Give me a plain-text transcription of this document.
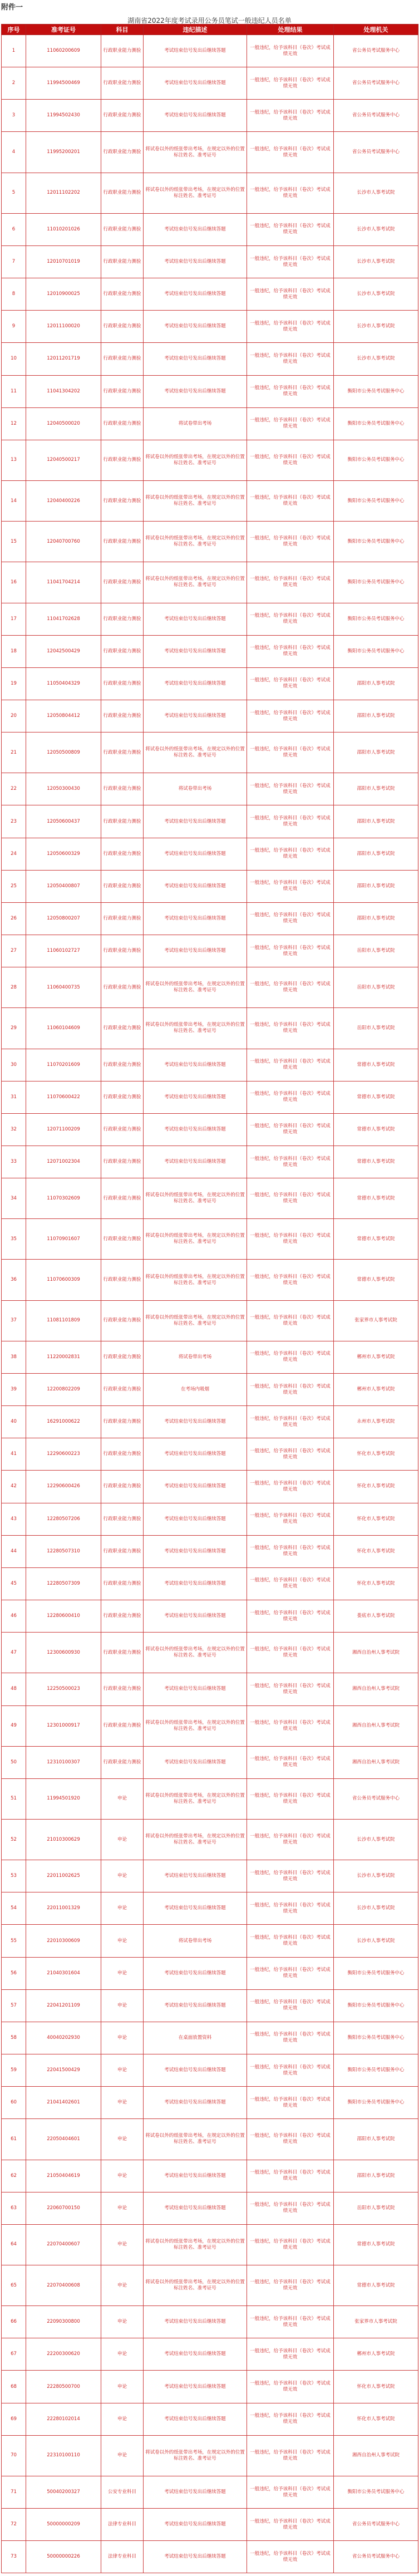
附件一
湖南省2022年度考试录用公务员笔试一般违纪人员名单
序号	准考证号	科目	违纪描述	处理结果	处理机关
1	11060200609	行政职业能力测验	考试结束信号发出后继续答题	一般违纪，给予该科目（卷次）考试成绩无效	省公务员考试服务中心
2	11994500469	行政职业能力测验	考试结束信号发出后继续答题	一般违纪，给予该科目（卷次）考试成绩无效	省公务员考试服务中心
3	11994502430	行政职业能力测验	考试结束信号发出后继续答题	一般违纪，给予该科目（卷次）考试成绩无效	省公务员考试服务中心
4	11995200201	行政职业能力测验	将试卷以外的纸张带出考场，在规定以外的位置标注姓名、准考证号	一般违纪，给予该科目（卷次）考试成绩无效	省公务员考试服务中心
5	12011102202	行政职业能力测验	将试卷以外的纸张带出考场，在规定以外的位置标注姓名、准考证号	一般违纪，给予该科目（卷次）考试成绩无效	长沙市人事考试院
6	11010201026	行政职业能力测验	考试结束信号发出后继续答题	一般违纪，给予该科目（卷次）考试成绩无效	长沙市人事考试院
7	12010701019	行政职业能力测验	考试结束信号发出后继续答题	一般违纪，给予该科目（卷次）考试成绩无效	长沙市人事考试院
8	12010900025	行政职业能力测验	考试结束信号发出后继续答题	一般违纪，给予该科目（卷次）考试成绩无效	长沙市人事考试院
9	12011100020	行政职业能力测验	考试结束信号发出后继续答题	一般违纪，给予该科目（卷次）考试成绩无效	长沙市人事考试院
10	12011201719	行政职业能力测验	考试结束信号发出后继续答题	一般违纪，给予该科目（卷次）考试成绩无效	长沙市人事考试院
11	11041304202	行政职业能力测验	考试结束信号发出后继续答题	一般违纪，给予该科目（卷次）考试成绩无效	衡阳市公务员考试服务中心
12	12040500020	行政职业能力测验	将试卷带出考场	一般违纪，给予该科目（卷次）考试成绩无效	衡阳市公务员考试服务中心
13	12040500217	行政职业能力测验	将试卷以外的纸张带出考场，在规定以外的位置标注姓名、准考证号	一般违纪，给予该科目（卷次）考试成绩无效	衡阳市公务员考试服务中心
14	12040400226	行政职业能力测验	将试卷以外的纸张带出考场，在规定以外的位置标注姓名、准考证号	一般违纪，给予该科目（卷次）考试成绩无效	衡阳市公务员考试服务中心
15	12040700760	行政职业能力测验	将试卷以外的纸张带出考场，在规定以外的位置标注姓名、准考证号	一般违纪，给予该科目（卷次）考试成绩无效	衡阳市公务员考试服务中心
16	11041704214	行政职业能力测验	将试卷以外的纸张带出考场，在规定以外的位置标注姓名、准考证号	一般违纪，给予该科目（卷次）考试成绩无效	衡阳市公务员考试服务中心
17	11041702628	行政职业能力测验	考试结束信号发出后继续答题	一般违纪，给予该科目（卷次）考试成绩无效	衡阳市公务员考试服务中心
18	12042500429	行政职业能力测验	考试结束信号发出后继续答题	一般违纪，给予该科目（卷次）考试成绩无效	衡阳市公务员考试服务中心
19	11050404329	行政职业能力测验	考试结束信号发出后继续答题	一般违纪，给予该科目（卷次）考试成绩无效	邵阳市人事考试院
20	12050804412	行政职业能力测验	考试结束信号发出后继续答题	一般违纪，给予该科目（卷次）考试成绩无效	邵阳市人事考试院
21	12050500809	行政职业能力测验	将试卷以外的纸张带出考场，在规定以外的位置标注姓名、准考证号	一般违纪，给予该科目（卷次）考试成绩无效	邵阳市人事考试院
22	12050300430	行政职业能力测验	将试卷带出考场	一般违纪，给予该科目（卷次）考试成绩无效	邵阳市人事考试院
23	12050600437	行政职业能力测验	考试结束信号发出后继续答题	一般违纪，给予该科目（卷次）考试成绩无效	邵阳市人事考试院
24	12050600329	行政职业能力测验	考试结束信号发出后继续答题	一般违纪，给予该科目（卷次）考试成绩无效	邵阳市人事考试院
25	12050400807	行政职业能力测验	考试结束信号发出后继续答题	一般违纪，给予该科目（卷次）考试成绩无效	邵阳市人事考试院
26	12050800207	行政职业能力测验	考试结束信号发出后继续答题	一般违纪，给予该科目（卷次）考试成绩无效	邵阳市人事考试院
27	11060102727	行政职业能力测验	考试结束信号发出后继续答题	一般违纪，给予该科目（卷次）考试成绩无效	岳阳市人事考试院
28	11060400735	行政职业能力测验	将试卷以外的纸张带出考场，在规定以外的位置标注姓名、准考证号	一般违纪，给予该科目（卷次）考试成绩无效	岳阳市人事考试院
29	11060104609	行政职业能力测验	将试卷以外的纸张带出考场，在规定以外的位置标注姓名、准考证号	一般违纪，给予该科目（卷次）考试成绩无效	岳阳市人事考试院
30	11070201609	行政职业能力测验	考试结束信号发出后继续答题	一般违纪，给予该科目（卷次）考试成绩无效	常德市人事考试院
31	11070600422	行政职业能力测验	考试结束信号发出后继续答题	一般违纪，给予该科目（卷次）考试成绩无效	常德市人事考试院
32	12071100209	行政职业能力测验	考试结束信号发出后继续答题	一般违纪，给予该科目（卷次）考试成绩无效	常德市人事考试院
33	12071002304	行政职业能力测验	考试结束信号发出后继续答题	一般违纪，给予该科目（卷次）考试成绩无效	常德市人事考试院
34	11070302609	行政职业能力测验	将试卷以外的纸张带出考场，在规定以外的位置标注姓名、准考证号	一般违纪，给予该科目（卷次）考试成绩无效	常德市人事考试院
35	11070901607	行政职业能力测验	将试卷以外的纸张带出考场，在规定以外的位置标注姓名、准考证号	一般违纪，给予该科目（卷次）考试成绩无效	常德市人事考试院
36	11070600309	行政职业能力测验	将试卷以外的纸张带出考场，在规定以外的位置标注姓名、准考证号	一般违纪，给予该科目（卷次）考试成绩无效	常德市人事考试院
37	11081101809	行政职业能力测验	将试卷以外的纸张带出考场，在规定以外的位置标注姓名、准考证号	一般违纪，给予该科目（卷次）考试成绩无效	张家界市人事考试院
38	11220002831	行政职业能力测验	将试卷带出考场	一般违纪，给予该科目（卷次）考试成绩无效	郴州市人事考试院
39	12200802209	行政职业能力测验	在考场内吸烟	一般违纪，给予该科目（卷次）考试成绩无效	郴州市人事考试院
40	16291000622	行政职业能力测验	考试结束信号发出后继续答题	一般违纪，给予该科目（卷次）考试成绩无效	永州市人事考试院
41	12290600223	行政职业能力测验	考试结束信号发出后继续答题	一般违纪，给予该科目（卷次）考试成绩无效	怀化市人事考试院
42	12290600426	行政职业能力测验	考试结束信号发出后继续答题	一般违纪，给予该科目（卷次）考试成绩无效	怀化市人事考试院
43	12280507206	行政职业能力测验	考试结束信号发出后继续答题	一般违纪，给予该科目（卷次）考试成绩无效	怀化市人事考试院
44	12280507310	行政职业能力测验	考试结束信号发出后继续答题	一般违纪，给予该科目（卷次）考试成绩无效	怀化市人事考试院
45	12280507309	行政职业能力测验	考试结束信号发出后继续答题	一般违纪，给予该科目（卷次）考试成绩无效	怀化市人事考试院
46	12280600410	行政职业能力测验	考试结束信号发出后继续答题	一般违纪，给予该科目（卷次）考试成绩无效	娄底市人事考试院
47	12300600930	行政职业能力测验	将试卷以外的纸张带出考场，在规定以外的位置标注姓名、准考证号	一般违纪，给予该科目（卷次）考试成绩无效	湘西自治州人事考试院
48	12250500023	行政职业能力测验	考试结束信号发出后继续答题	一般违纪，给予该科目（卷次）考试成绩无效	湘西自治州人事考试院
49	12301000917	行政职业能力测验	将试卷以外的纸张带出考场，在规定以外的位置标注姓名、准考证号	一般违纪，给予该科目（卷次）考试成绩无效	湘西自治州人事考试院
50	12310100307	行政职业能力测验	考试结束信号发出后继续答题	一般违纪，给予该科目（卷次）考试成绩无效	湘西自治州人事考试院
51	11994501920	申论	将试卷以外的纸张带出考场，在规定以外的位置标注姓名、准考证号	一般违纪，给予该科目（卷次）考试成绩无效	省公务员考试服务中心
52	21010300629	申论	将试卷以外的纸张带出考场，在规定以外的位置标注姓名、准考证号	一般违纪，给予该科目（卷次）考试成绩无效	长沙市人事考试院
53	22011002625	申论	考试结束信号发出后继续答题	一般违纪，给予该科目（卷次）考试成绩无效	长沙市人事考试院
54	22011001329	申论	考试结束信号发出后继续答题	一般违纪，给予该科目（卷次）考试成绩无效	长沙市人事考试院
55	22010300609	申论	将试卷带出考场	一般违纪，给予该科目（卷次）考试成绩无效	长沙市人事考试院
56	21040301604	申论	考试结束信号发出后继续答题	一般违纪，给予该科目（卷次）考试成绩无效	衡阳市公务员考试服务中心
57	22041201109	申论	考试结束信号发出后继续答题	一般违纪，给予该科目（卷次）考试成绩无效	衡阳市公务员考试服务中心
58	40040202930	申论	在桌面放置资料	一般违纪，给予该科目（卷次）考试成绩无效	衡阳市公务员考试服务中心
59	22041500429	申论	考试结束信号发出后继续答题	一般违纪，给予该科目（卷次）考试成绩无效	衡阳市公务员考试服务中心
60	21041402601	申论	考试结束信号发出后继续答题	一般违纪，给予该科目（卷次）考试成绩无效	衡阳市公务员考试服务中心
61	22050404601	申论	将试卷以外的纸张带出考场，在规定以外的位置标注姓名、准考证号	一般违纪，给予该科目（卷次）考试成绩无效	邵阳市人事考试院
62	21050404619	申论	考试结束信号发出后继续答题	一般违纪，给予该科目（卷次）考试成绩无效	邵阳市人事考试院
63	22060700150	申论	考试结束信号发出后继续答题	一般违纪，给予该科目（卷次）考试成绩无效	岳阳市人事考试院
64	22070400607	申论	将试卷以外的纸张带出考场，在规定以外的位置标注姓名、准考证号	一般违纪，给予该科目（卷次）考试成绩无效	常德市人事考试院
65	22070400608	申论	将试卷以外的纸张带出考场，在规定以外的位置标注姓名、准考证号	一般违纪，给予该科目（卷次）考试成绩无效	常德市人事考试院
66	22090300800	申论	考试结束信号发出后继续答题	一般违纪，给予该科目（卷次）考试成绩无效	张家界市人事考试院
67	22200300620	申论	考试结束信号发出后继续答题	一般违纪，给予该科目（卷次）考试成绩无效	郴州市人事考试院
68	22280500700	申论	考试结束信号发出后继续答题	一般违纪，给予该科目（卷次）考试成绩无效	怀化市人事考试院
69	22280102014	申论	考试结束信号发出后继续答题	一般违纪，给予该科目（卷次）考试成绩无效	怀化市人事考试院
70	22310100110	申论	将试卷以外的纸张带出考场，在规定以外的位置标注姓名、准考证号	一般违纪，给予该科目（卷次）考试成绩无效	湘西自治州人事考试院
71	50040200327	公安专业科目	考试结束信号发出后继续答题	一般违纪，给予该科目（卷次）考试成绩无效	衡阳市公务员考试服务中心
72	50000000209	法律专业科目	考试结束信号发出后继续答题	一般违纪，给予该科目（卷次）考试成绩无效	省公务员考试服务中心
73	50000000226	法律专业科目	考试结束信号发出后继续答题	一般违纪，给予该科目（卷次）考试成绩无效	省公务员考试服务中心
